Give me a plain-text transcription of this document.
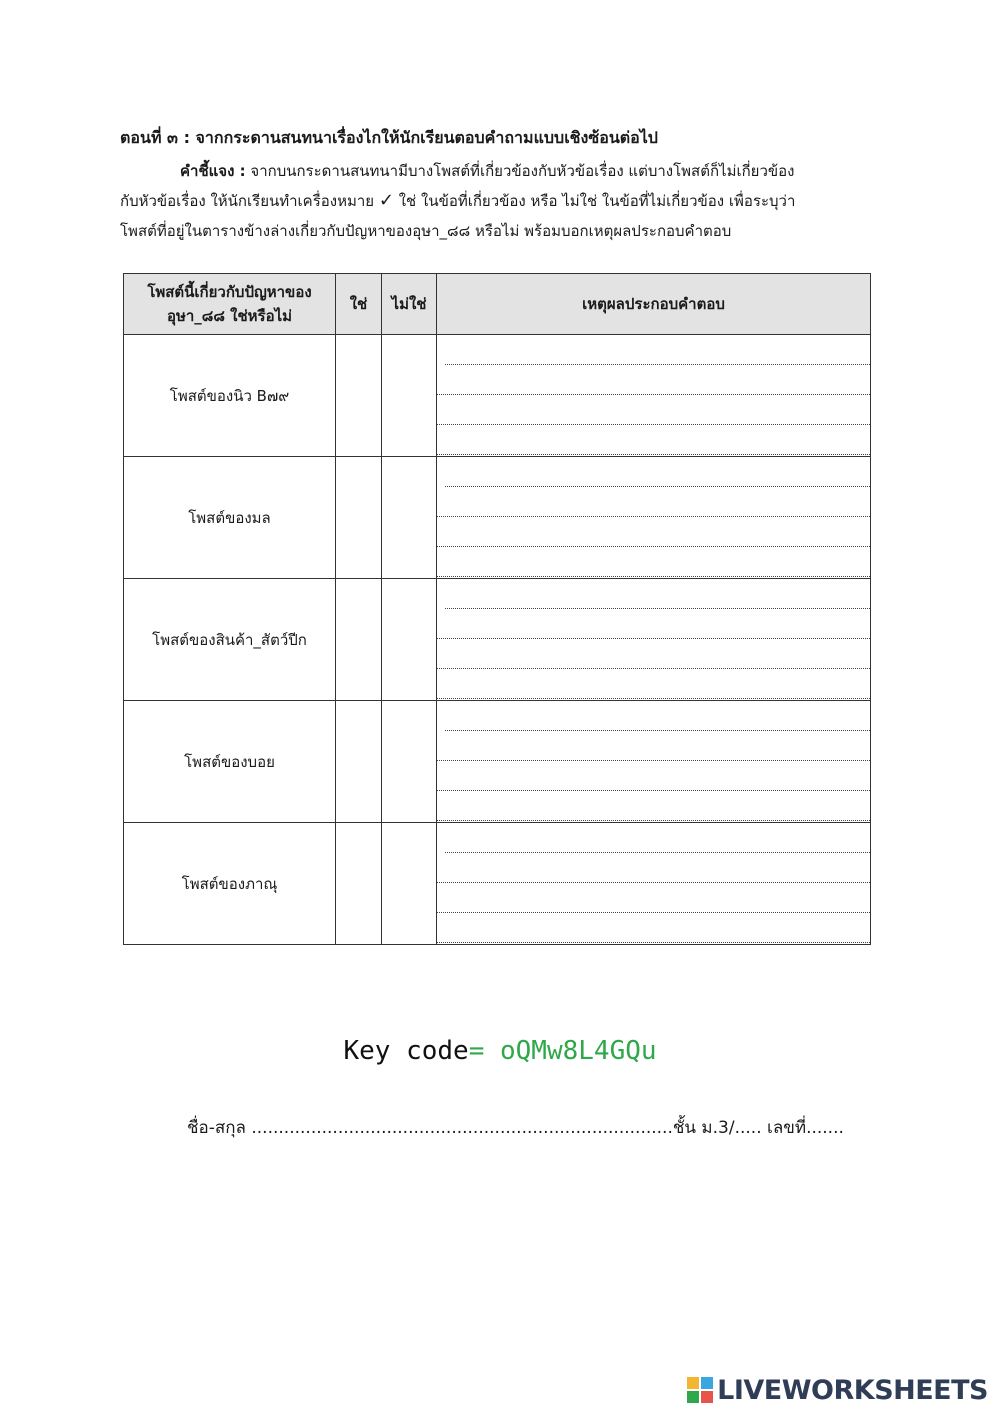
ตอนที่ ๓ : จากกระดานสนทนาเรื่องไกให้นักเรียนตอบคำถามแบบเชิงซ้อนต่อไป
คำชี้แจง : จากบนกระดานสนทนามีบางโพสต์ที่เกี่ยวข้องกับหัวข้อเรื่อง แต่บางโพสต์ก็ไม่เกี่ยวข้อง
กับหัวข้อเรื่อง ให้นักเรียนทำเครื่องหมาย ✓ ใช่ ในข้อที่เกี่ยวข้อง หรือ ไม่ใช่ ในข้อที่ไม่เกี่ยวข้อง เพื่อระบุว่า
โพสต์ที่อยู่ในตารางข้างล่างเกี่ยวกับปัญหาของอุษา_๘๘ หรือไม่ พร้อมบอกเหตุผลประกอบคำตอบ
โพสต์นี้เกี่ยวกับปัญหาของ
อุษา_๘๘ ใช่หรือไม่	ใช่	ไม่ใช่	เหตุผลประกอบคำตอบ
โพสต์ของนิว B๗๙			

โพสต์ของมล			

โพสต์ของสินค้า_สัตว์ปีก			

โพสต์ของบอย			

โพสต์ของภาณุ			
Key code= oQMw8L4GQu
ชื่อ-สกุล ..............................................................................ชั้น ม.3/..... เลขที่.......
LIVEWORKSHEETS
